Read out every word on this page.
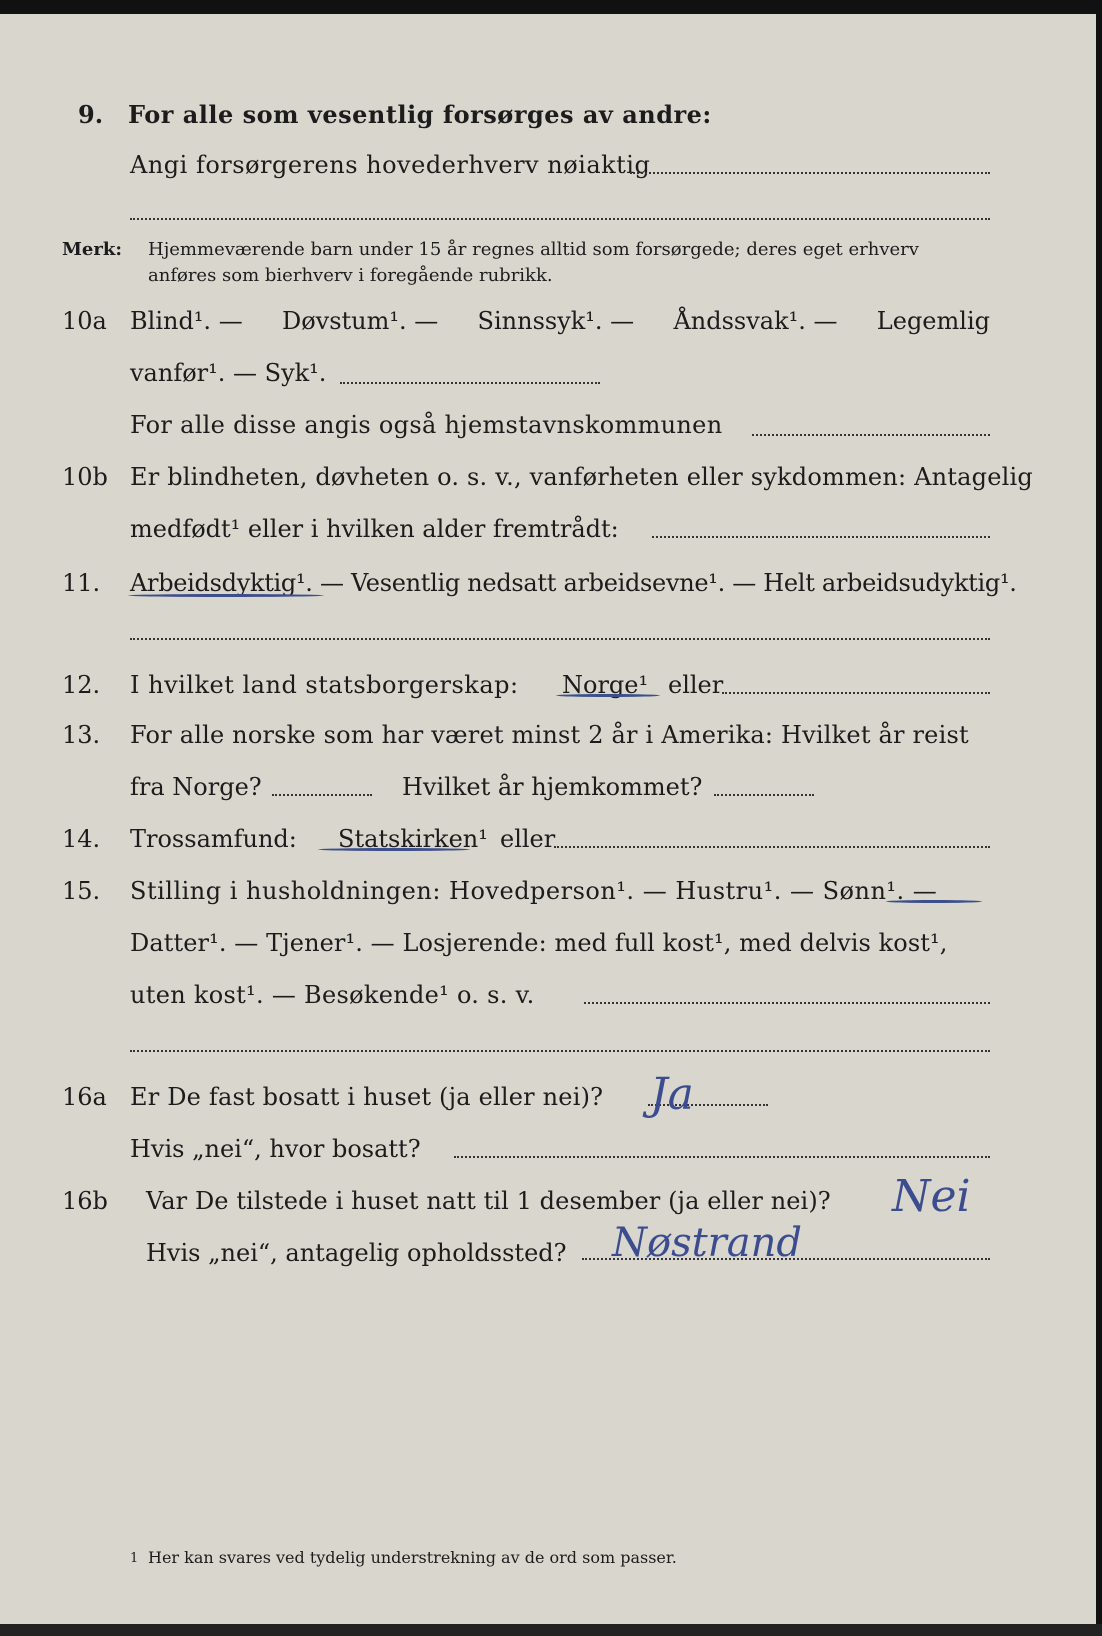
9. For alle som vesentlig forsørges av andre:
Angi forsørgerens hovederhverv nøiaktig
Merk: Hjemmeværende barn under 15 år regnes alltid som forsørgede; deres eget erhverv
anføres som bierhverv i foregående rubrikk.
10a Blind¹. — Døvstum¹. — Sinnssyk¹. — Åndssvak¹. — Legemlig
vanfør¹. — Syk¹.
For alle disse angis også hjemstavnskommunen
10b Er blindheten, døvheten o. s. v., vanførheten eller sykdommen: Antagelig
medfødt¹ eller i hvilken alder fremtrådt:
11. Arbeidsdyktig¹. — Vesentlig nedsatt arbeidsevne¹. — Helt arbeidsudyktig¹.
12. I hvilket land statsborgerskap: Norge¹ eller
13. For alle norske som har været minst 2 år i Amerika: Hvilket år reist
fra Norge?	Hvilket år hjemkommet?
14. Trossamfund: Statskirken¹ eller
15. Stilling i husholdningen: Hovedperson¹. — Hustru¹. — Sønn¹. —
Datter¹. — Tjener¹. — Losjerende: med full kost¹, med delvis kost¹,
uten kost¹. — Besøkende¹ o. s. v.
16a Er De fast bosatt i huset (ja eller nei)? Ja
Hvis „nei“, hvor bosatt?
16b Var De tilstede i huset natt til 1 desember (ja eller nei)? Nei
Hvis „nei“, antagelig opholdssted? Nøstrand
1 Her kan svares ved tydelig understrekning av de ord som passer.
